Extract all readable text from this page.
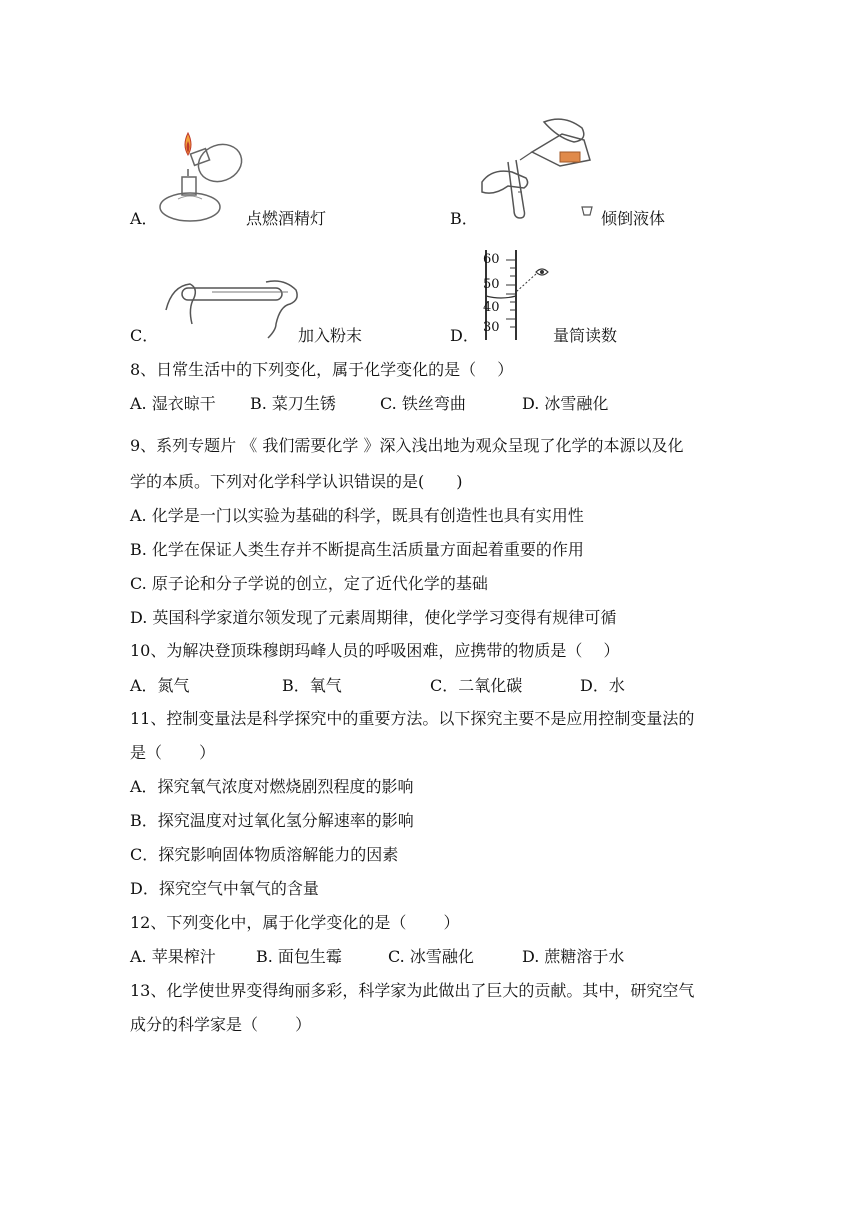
A．	点燃酒精灯	B．	倾倒液体
C．	加入粉末	D．
60
50
40
30	量筒读数
8、日常生活中的下列变化，属于化学变化的是（　 ）
A. 湿衣晾干 B. 菜刀生锈	C. 铁丝弯曲	D. 冰雪融化
9、系列专题片 《 我们需要化学 》深入浅出地为观众呈现了化学的本源以及化
学的本质。下列对化学科学认识错误的是(　　)
A. 化学是一门以实验为基础的科学，既具有创造性也具有实用性
B. 化学在保证人类生存并不断提高生活质量方面起着重要的作用
C. 原子论和分子学说的创立，定了近代化学的基础
D. 英国科学家道尔领发现了元素周期律，使化学学习变得有规律可循
10、为解决登顶珠穆朗玛峰人员的呼吸困难，应携带的物质是（　 ）
A．氮气	B．氧气	C．二氧化碳	D．水
11、控制变量法是科学探究中的重要方法。以下探究主要不是应用控制变量法的
是（　　 ）
A．探究氧气浓度对燃烧剧烈程度的影响
B．探究温度对过氧化氢分解速率的影响
C．探究影响固体物质溶解能力的因素
D．探究空气中氧气的含量
12、下列变化中，属于化学变化的是（　　 ）
A. 苹果榨汁	B. 面包生霉	C. 冰雪融化	D. 蔗糖溶于水
13、化学使世界变得绚丽多彩，科学家为此做出了巨大的贡献。其中，研究空气
成分的科学家是（　　 ）
